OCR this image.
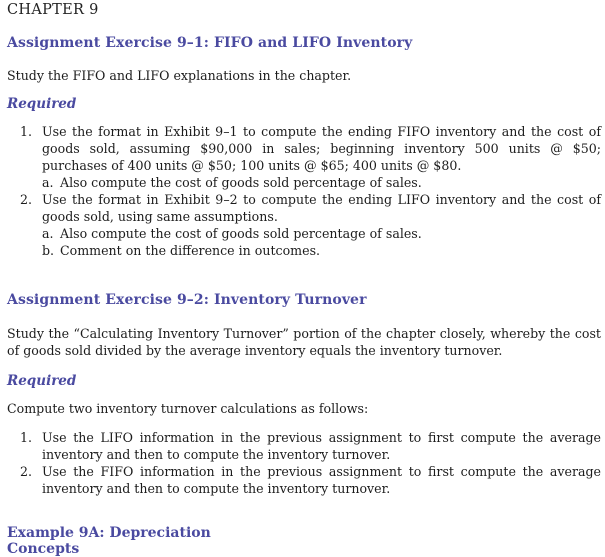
CHAPTER 9
Assignment Exercise 9–1: FIFO and LIFO Inventory
Study the FIFO and LIFO explanations in the chapter.
Required
1. Use the format in Exhibit 9–1 to compute the ending FIFO inventory and the cost of goods sold, assuming $90,000 in sales; beginning inventory 500 units @ $50; purchases of 400 units @ $50; 100 units @ $65; 400 units @ $80.
a. Also compute the cost of goods sold percentage of sales.
2. Use the format in Exhibit 9–2 to compute the ending LIFO inventory and the cost of goods sold, using same assumptions.
a. Also compute the cost of goods sold percentage of sales.
b. Comment on the difference in outcomes.
Assignment Exercise 9–2: Inventory Turnover
Study the “Calculating Inventory Turnover” portion of the chapter closely, whereby the cost of goods sold divided by the average inventory equals the inventory turnover.
Required
Compute two inventory turnover calculations as follows:
1. Use the LIFO information in the previous assignment to first compute the average inventory and then to compute the inventory turnover.
2. Use the FIFO information in the previous assignment to first compute the average inventory and then to compute the inventory turnover.
Example 9A: Depreciation Concepts
